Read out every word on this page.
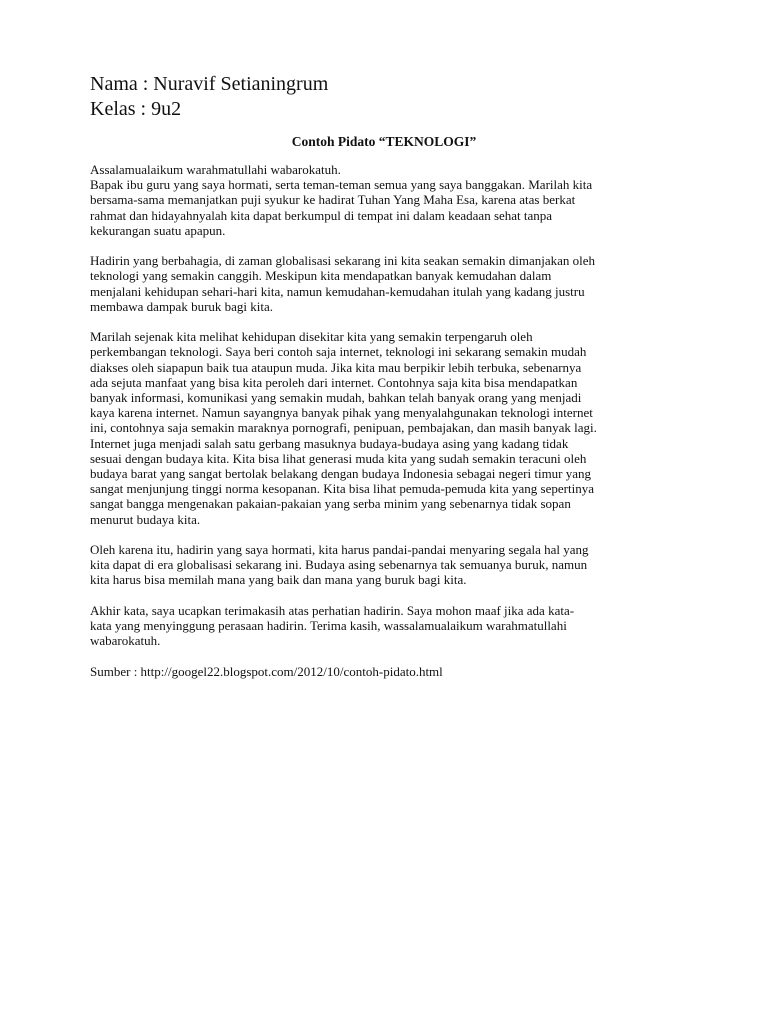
Nama : Nuravif Setianingrum
Kelas : 9u2
Contoh Pidato “TEKNOLOGI”

Assalamualaikum warahmatullahi wabarokatuh.
Bapak ibu guru yang saya hormati, serta teman-teman semua yang saya banggakan. Marilah kita
bersama-sama memanjatkan puji syukur ke hadirat Tuhan Yang Maha Esa, karena atas berkat
rahmat dan hidayahnyalah kita dapat berkumpul di tempat ini dalam keadaan sehat tanpa
kekurangan suatu apapun.

Hadirin yang berbahagia, di zaman globalisasi sekarang ini kita seakan semakin dimanjakan oleh
teknologi yang semakin canggih. Meskipun kita mendapatkan banyak kemudahan dalam
menjalani kehidupan sehari-hari kita, namun kemudahan-kemudahan itulah yang kadang justru
membawa dampak buruk bagi kita.

Marilah sejenak kita melihat kehidupan disekitar kita yang semakin terpengaruh oleh
perkembangan teknologi. Saya beri contoh saja internet, teknologi ini sekarang semakin mudah
diakses oleh siapapun baik tua ataupun muda. Jika kita mau berpikir lebih terbuka, sebenarnya
ada sejuta manfaat yang bisa kita peroleh dari internet. Contohnya saja kita bisa mendapatkan
banyak informasi, komunikasi yang semakin mudah, bahkan telah banyak orang yang menjadi
kaya karena internet. Namun sayangnya banyak pihak yang menyalahgunakan teknologi internet
ini, contohnya saja semakin maraknya pornografi, penipuan, pembajakan, dan masih banyak lagi.
Internet juga menjadi salah satu gerbang masuknya budaya-budaya asing yang kadang tidak
sesuai dengan budaya kita. Kita bisa lihat generasi muda kita yang sudah semakin teracuni oleh
budaya barat yang sangat bertolak belakang dengan budaya Indonesia sebagai negeri timur yang
sangat menjunjung tinggi norma kesopanan. Kita bisa lihat pemuda-pemuda kita yang sepertinya
sangat bangga mengenakan pakaian-pakaian yang serba minim yang sebenarnya tidak sopan
menurut budaya kita.

Oleh karena itu, hadirin yang saya hormati, kita harus pandai-pandai menyaring segala hal yang
kita dapat di era globalisasi sekarang ini. Budaya asing sebenarnya tak semuanya buruk, namun
kita harus bisa memilah mana yang baik dan mana yang buruk bagi kita.

Akhir kata, saya ucapkan terimakasih atas perhatian hadirin. Saya mohon maaf jika ada kata-
kata yang menyinggung perasaan hadirin. Terima kasih, wassalamualaikum warahmatullahi
wabarokatuh.

Sumber : http://googel22.blogspot.com/2012/10/contoh-pidato.html
